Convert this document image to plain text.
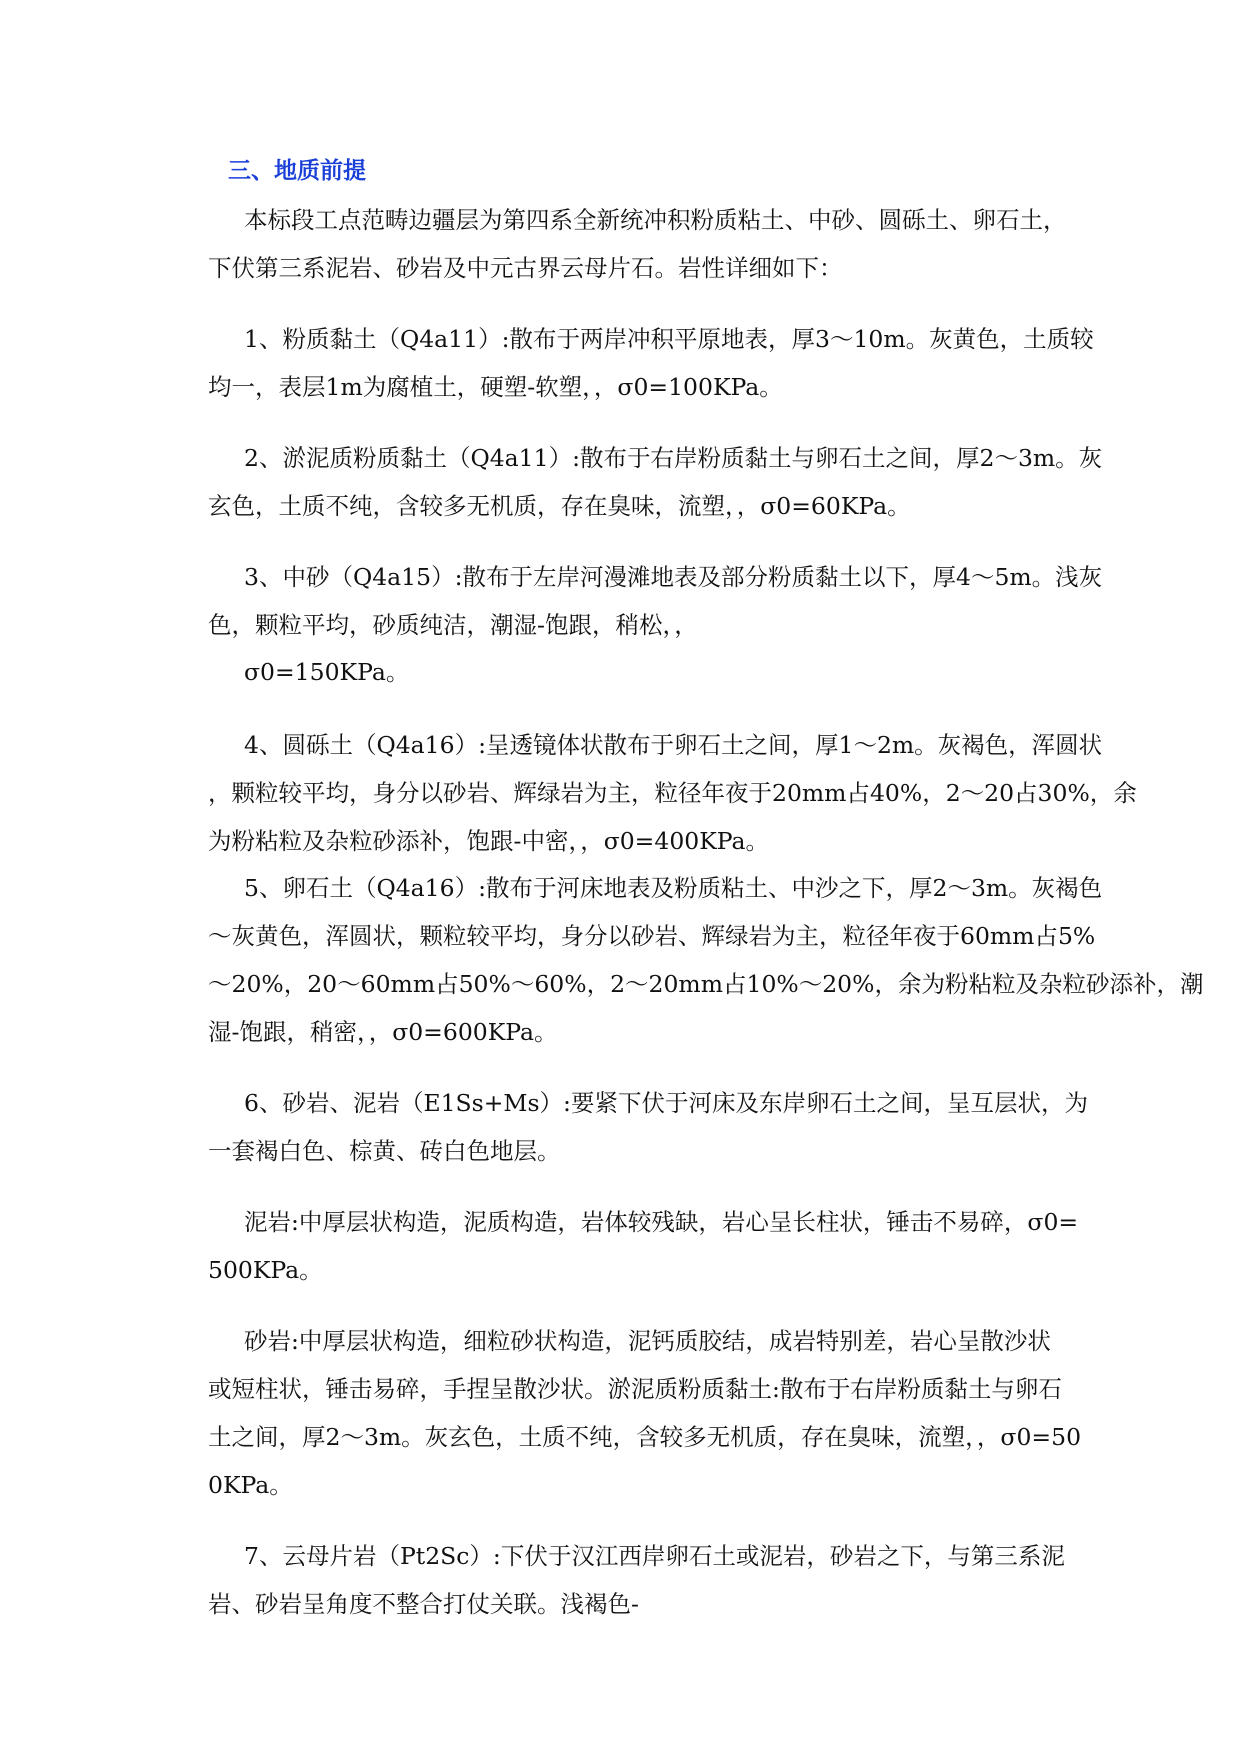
三、地质前提
本标段工点范畴边疆层为第四系全新统冲积粉质粘土、中砂、圆砾土、卵石土，
下伏第三系泥岩、砂岩及中元古界云母片石。岩性详细如下：
1、粉质黏土（Q4a11）:散布于两岸冲积平原地表，厚3～10m。灰黄色，土质较
均一，表层1m为腐植土，硬塑-软塑，，σ0=100KPa。
2、淤泥质粉质黏土（Q4a11）:散布于右岸粉质黏土与卵石土之间，厚2～3m。灰
玄色，土质不纯，含较多无机质，存在臭味，流塑，，σ0=60KPa。
3、中砂（Q4a15）:散布于左岸河漫滩地表及部分粉质黏土以下，厚4～5m。浅灰
色，颗粒平均，砂质纯洁，潮湿-饱跟，稍松，，
σ0=150KPa。
4、圆砾土（Q4a16）:呈透镜体状散布于卵石土之间，厚1～2m。灰褐色，浑圆状
，颗粒较平均，身分以砂岩、辉绿岩为主，粒径年夜于20mm占40%，2～20占30%，余
为粉粘粒及杂粒砂添补，饱跟-中密，，σ0=400KPa。
5、卵石土（Q4a16）:散布于河床地表及粉质粘土、中沙之下，厚2～3m。灰褐色
～灰黄色，浑圆状，颗粒较平均，身分以砂岩、辉绿岩为主，粒径年夜于60mm占5%
～20%，20～60mm占50%～60%，2～20mm占10%～20%，余为粉粘粒及杂粒砂添补，潮
湿-饱跟，稍密，，σ0=600KPa。
6、砂岩、泥岩（E1Ss+Ms）:要紧下伏于河床及东岸卵石土之间，呈互层状，为
一套褐白色、棕黄、砖白色地层。
泥岩:中厚层状构造，泥质构造，岩体较残缺，岩心呈长柱状，锤击不易碎，σ0=
500KPa。
砂岩:中厚层状构造，细粒砂状构造，泥钙质胶结，成岩特别差，岩心呈散沙状
或短柱状，锤击易碎，手捏呈散沙状。淤泥质粉质黏土:散布于右岸粉质黏土与卵石
土之间，厚2～3m。灰玄色，土质不纯，含较多无机质，存在臭味，流塑，，σ0=50
0KPa。
7、云母片岩（Pt2Sc）:下伏于汉江西岸卵石土或泥岩，砂岩之下，与第三系泥
岩、砂岩呈角度不整合打仗关联。浅褐色-
